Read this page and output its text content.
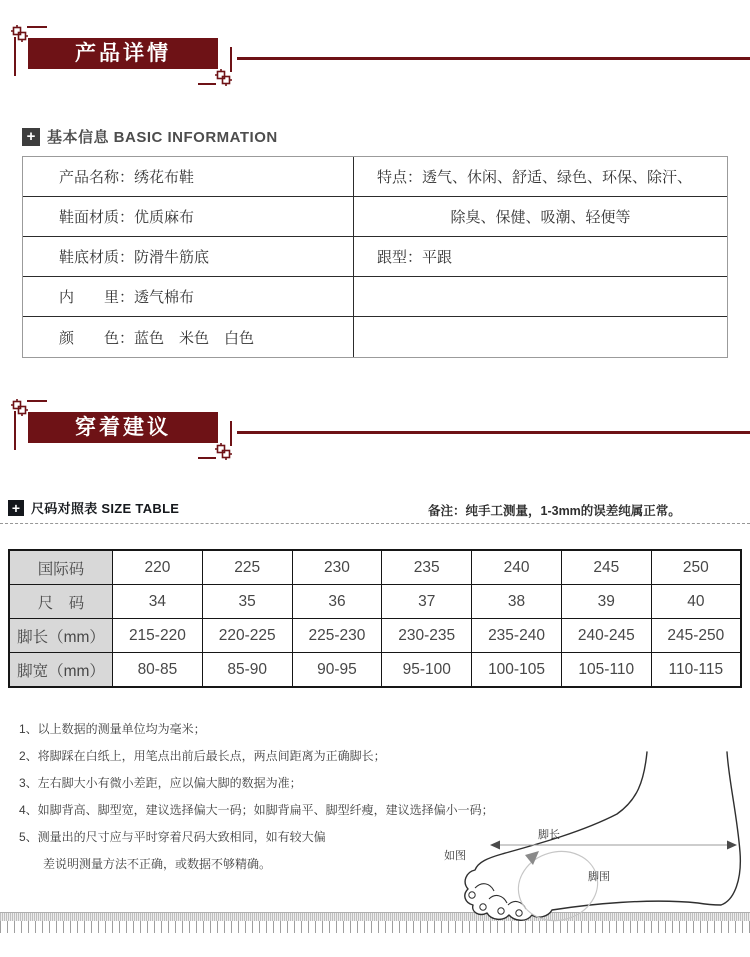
产品详情
+ 基本信息 BASIC INFORMATION
产品名称：绣花布鞋	特点：透气、休闲、舒适、绿色、环保、除汗、
鞋面材质：优质麻布	除臭、保健、吸潮、轻便等
鞋底材质：防滑牛筋底	跟型：平跟
内　　里：透气棉布
颜　　色：蓝色　米色　白色
穿着建议
+ 尺码对照表 SIZE TABLE	备注：纯手工测量，1-3mm的误差纯属正常。
国际码	220	225	230	235	240	245	250
尺　码	34	35	36	37	38	39	40
脚长（mm）	215-220	220-225	225-230	230-235	235-240	240-245	245-250
脚宽（mm）	80-85	85-90	90-95	95-100	100-105	105-110	110-115
1、以上数据的测量单位均为毫米；
2、将脚踩在白纸上，用笔点出前后最长点，两点间距离为正确脚长；
3、左右脚大小有微小差距，应以偏大脚的数据为准；
4、如脚背高、脚型宽，建议选择偏大一码；如脚背扁平、脚型纤瘦，建议选择偏小一码；
5、测量出的尺寸应与平时穿着尺码大致相同，如有较大偏差说明测量方法不正确，或数据不够精确。
脚长
脚围
如图
